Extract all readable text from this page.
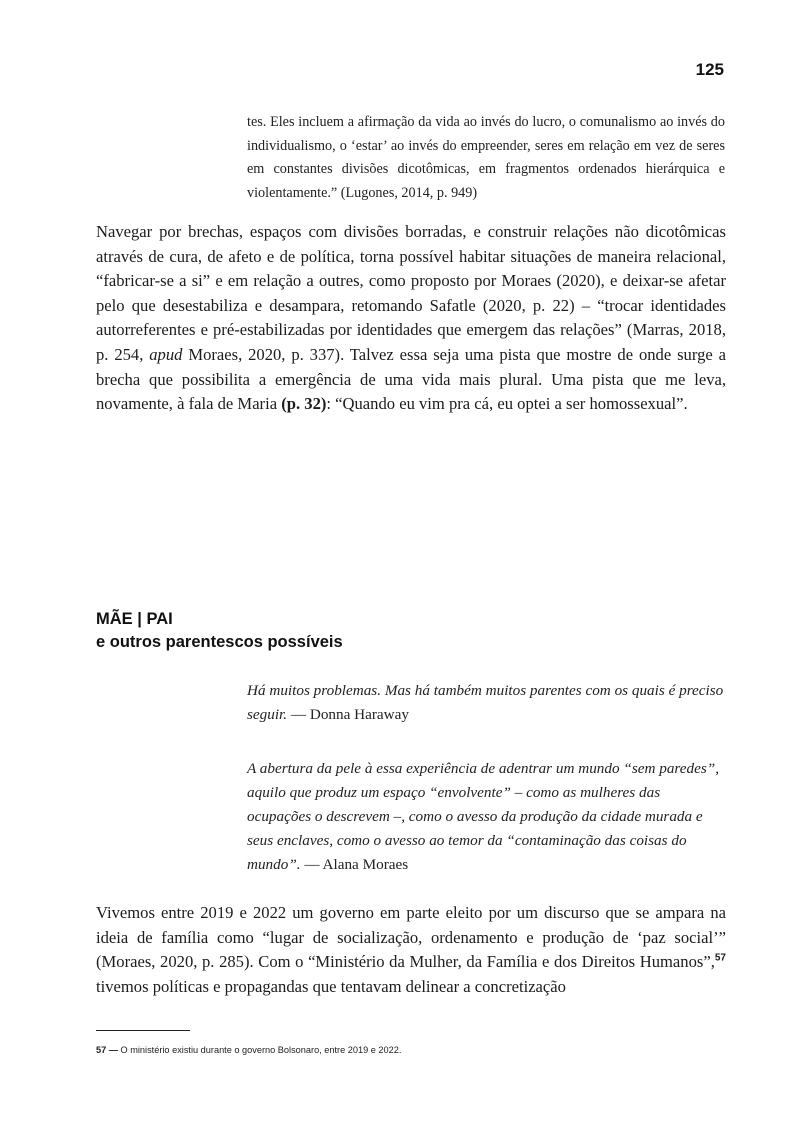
125
tes. Eles incluem a afirmação da vida ao invés do lucro, o comunalismo ao invés do individualismo, o ‘estar’ ao invés do empreender, seres em relação em vez de seres em constantes divisões dicotômicas, em fragmentos ordenados hierárquica e violentamente.” (Lugones, 2014, p. 949)

Navegar por brechas, espaços com divisões borradas, e construir relações não dicotômicas através de cura, de afeto e de política, torna possível habitar situações de maneira relacional, “fabricar-se a si” e em relação a outres, como proposto por Moraes (2020), e deixar-se afetar pelo que desestabiliza e desampara, retomando Safatle (2020, p. 22) – “trocar identidades autorreferentes e pré-estabilizadas por identidades que emergem das relações” (Marras, 2018, p. 254, apud Moraes, 2020, p. 337). Talvez essa seja uma pista que mostre de onde surge a brecha que possibilita a emergência de uma vida mais plural. Uma pista que me leva, novamente, à fala de Maria (p. 32): “Quando eu vim pra cá, eu optei a ser homossexual”.

MÃE | PAI
e outros parentescos possíveis
Há muitos problemas. Mas há também muitos parentes com os quais é preciso seguir. — Donna Haraway
A abertura da pele à essa experiência de adentrar um mundo “sem paredes”, aquilo que produz um espaço “envolvente” – como as mulheres das ocupações o descrevem –, como o avesso da produção da cidade murada e seus enclaves, como o avesso ao temor da “contaminação das coisas do mundo”. — Alana Moraes

Vivemos entre 2019 e 2022 um governo em parte eleito por um discurso que se ampara na ideia de família como “lugar de socialização, ordenamento e produção de ‘paz social’” (Moraes, 2020, p. 285). Com o “Ministério da Mulher, da Família e dos Direitos Humanos”,$^{57}$ tivemos políticas e propagandas que tentavam delinear a concretização

57 — O ministério existiu durante o governo Bolsonaro, entre 2019 e 2022.
